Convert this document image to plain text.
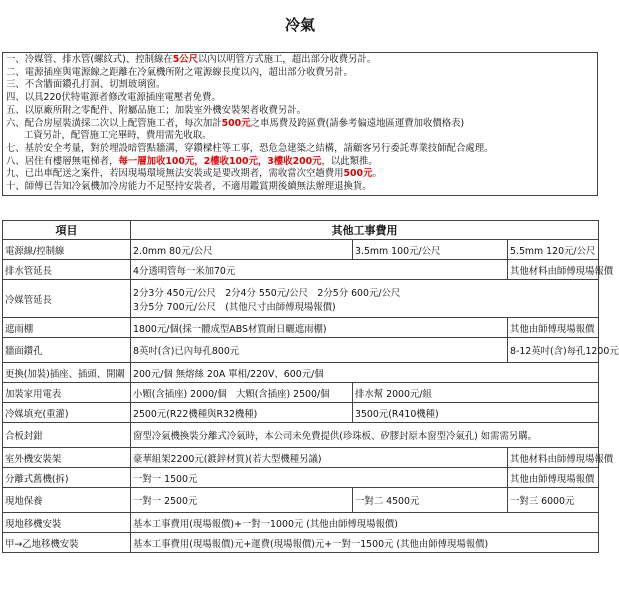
冷氣
一、冷媒管、排水管(螺紋式)、控制線在5公尺以內以明管方式施工，超出部分收費另計。
二、電源插座與電源線之距離在冷氣機所附之電源線長度以內，超出部分收費另計。
三、不含牆面鑽孔打洞、切割玻璃窗。
四、以具220伏特電源者修改電源插座電壓者免費。
五、以原廠所附之零配件、附屬品施工；加裝室外機安裝架者收費另計。
六、配合房屋裝潢採二次以上配管施工者，每次加計500元之車馬費及跨區費(請參考偏遠地區運費加收價格表)
工資另計，配管施工完畢時，費用需先收取。
七、基於安全考量，對於埋設暗管點牆溝，穿鑽樑柱等工事，恐危急建築之結構，請顧客另行委託專業技師配合處理。
八、居住有樓層無電梯者，每一層加收100元，2樓收100元，3樓收200元，以此類推。
九、已出車配送之案件，若因現場環境無法安裝或是要改期者，需收當次空趟費用500元。
十、師傅已告知冷氣機加冷房能力不足堅持安裝者，不適用鑑賞期後續無法辦理退換貨。
項目	其他工事費用		

電源線/控制線	2.0mm 80元/公尺	3.5mm 100元/公尺	5.5mm 120元/公尺

排水管延長	4分透明管每一米加70元		其他材料由師傅現場報價

冷媒管延長	2分3分 450元/公尺　2分4分 550元/公尺　2分5分 600元/公尺
3分5分 700元/公尺　(其他尺寸由師傅現場報價)		

遮雨棚	1800元/個(採一體成型ABS材質耐日曬遮雨棚)		其他由師傅現場報價

牆面鑽孔	8英吋(含)已內每孔800元		8-12英吋(含)每孔1200元

更換(加裝)插座、插頭、開關	200元/個 無熔絲 20A 單相/220V、600元/個		

加裝家用電表	小顆(含插座) 2000/個　大顆(含插座) 2500/個	排水幫 2000元/組	

冷媒填充(重灌)	2500元(R22機種與R32機種)	3500元(R410機種)	

合板封鉗	窗型冷氣機換裝分離式冷氣時，本公司未免費提供(珍珠板、矽膠封原本窗型冷氣孔) 如需需另購。		

室外機安裝架	豪華組架2200元(鍍鋅材質)(若大型機種另議)		其他材料由師傅現場報價

分離式舊機(拆)	一對一 1500元		其他由師傅現場報價

現地保養	一對一 2500元	一對二 4500元	一對三 6000元

現地移機安裝	基本工事費用(現場報價)+一對一1000元 (其他由師傅現場報價)		

甲→乙地移機安裝	基本工事費用(現場報價)元+運費(現場報價)元+一對一1500元 (其他由師傅現場報價)		
